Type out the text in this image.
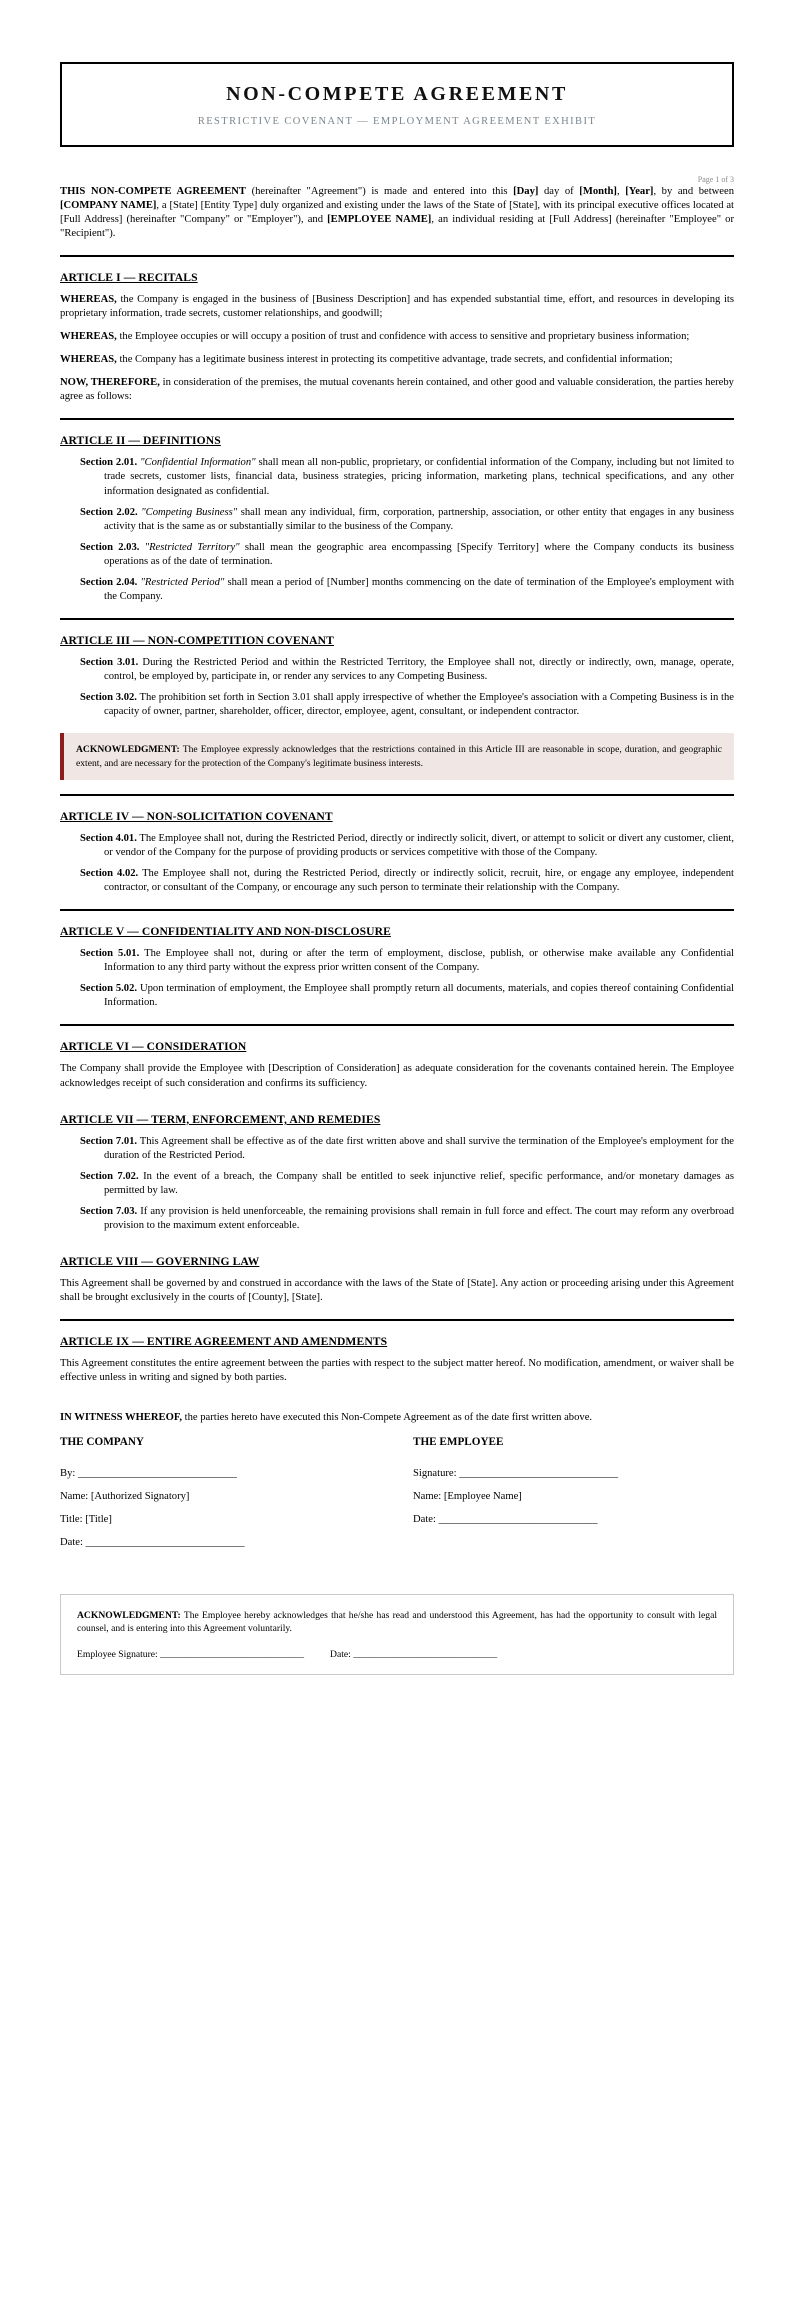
NON-COMPETE AGREEMENT
RESTRICTIVE COVENANT — EMPLOYMENT AGREEMENT EXHIBIT
Page 1 of 3

THIS NON-COMPETE AGREEMENT (hereinafter "Agreement") is made and entered into this [Day] day of [Month], [Year], by and between [COMPANY NAME], a [State] [Entity Type] duly organized and existing under the laws of the State of [State], with its principal executive offices located at [Full Address] (hereinafter "Company" or "Employer"), and [EMPLOYEE NAME], an individual residing at [Full Address] (hereinafter "Employee" or "Recipient").

ARTICLE I — RECITALS

WHEREAS, the Company is engaged in the business of [Business Description] and has expended substantial time, effort, and resources in developing its proprietary information, trade secrets, customer relationships, and goodwill;

WHEREAS, the Employee occupies or will occupy a position of trust and confidence with access to sensitive and proprietary business information;

WHEREAS, the Company has a legitimate business interest in protecting its competitive advantage, trade secrets, and confidential information;

NOW, THEREFORE, in consideration of the premises, the mutual covenants herein contained, and other good and valuable consideration, the parties hereby agree as follows:

ARTICLE II — DEFINITIONS

Section 2.01. "Confidential Information" shall mean all non-public, proprietary, or confidential information of the Company, including but not limited to trade secrets, customer lists, financial data, business strategies, pricing information, marketing plans, technical specifications, and any other information designated as confidential.

Section 2.02. "Competing Business" shall mean any individual, firm, corporation, partnership, association, or other entity that engages in any business activity that is the same as or substantially similar to the business of the Company.

Section 2.03. "Restricted Territory" shall mean the geographic area encompassing [Specify Territory] where the Company conducts its business operations as of the date of termination.

Section 2.04. "Restricted Period" shall mean a period of [Number] months commencing on the date of termination of the Employee's employment with the Company.

ARTICLE III — NON-COMPETITION COVENANT

Section 3.01. During the Restricted Period and within the Restricted Territory, the Employee shall not, directly or indirectly, own, manage, operate, control, be employed by, participate in, or render any services to any Competing Business.

Section 3.02. The prohibition set forth in Section 3.01 shall apply irrespective of whether the Employee's association with a Competing Business is in the capacity of owner, partner, shareholder, officer, director, employee, agent, consultant, or independent contractor.

ACKNOWLEDGMENT: The Employee expressly acknowledges that the restrictions contained in this Article III are reasonable in scope, duration, and geographic extent, and are necessary for the protection of the Company's legitimate business interests.

ARTICLE IV — NON-SOLICITATION COVENANT

Section 4.01. The Employee shall not, during the Restricted Period, directly or indirectly solicit, divert, or attempt to solicit or divert any customer, client, or vendor of the Company for the purpose of providing products or services competitive with those of the Company.

Section 4.02. The Employee shall not, during the Restricted Period, directly or indirectly solicit, recruit, hire, or engage any employee, independent contractor, or consultant of the Company, or encourage any such person to terminate their relationship with the Company.

ARTICLE V — CONFIDENTIALITY AND NON-DISCLOSURE

Section 5.01. The Employee shall not, during or after the term of employment, disclose, publish, or otherwise make available any Confidential Information to any third party without the express prior written consent of the Company.

Section 5.02. Upon termination of employment, the Employee shall promptly return all documents, materials, and copies thereof containing Confidential Information.

ARTICLE VI — CONSIDERATION

The Company shall provide the Employee with [Description of Consideration] as adequate consideration for the covenants contained herein. The Employee acknowledges receipt of such consideration and confirms its sufficiency.

ARTICLE VII — TERM, ENFORCEMENT, AND REMEDIES

Section 7.01. This Agreement shall be effective as of the date first written above and shall survive the termination of the Employee's employment for the duration of the Restricted Period.

Section 7.02. In the event of a breach, the Company shall be entitled to seek injunctive relief, specific performance, and/or monetary damages as permitted by law.

Section 7.03. If any provision is held unenforceable, the remaining provisions shall remain in full force and effect. The court may reform any overbroad provision to the maximum extent enforceable.

ARTICLE VIII — GOVERNING LAW

This Agreement shall be governed by and construed in accordance with the laws of the State of [State]. Any action or proceeding arising under this Agreement shall be brought exclusively in the courts of [County], [State].

ARTICLE IX — ENTIRE AGREEMENT AND AMENDMENTS

This Agreement constitutes the entire agreement between the parties with respect to the subject matter hereof. No modification, amendment, or waiver shall be effective unless in writing and signed by both parties.

IN WITNESS WHEREOF, the parties hereto have executed this Non-Compete Agreement as of the date first written above.

THE COMPANY
By: ______________________________
Name: [Authorized Signatory]
Title: [Title]
Date: ______________________________
THE EMPLOYEE
Signature: ______________________________
Name: [Employee Name]
Date: ______________________________

ACKNOWLEDGMENT: The Employee hereby acknowledges that he/she has read and understood this Agreement, has had the opportunity to consult with legal counsel, and is entering into this Agreement voluntarily.

Employee Signature: ______________________________	Date: ______________________________
